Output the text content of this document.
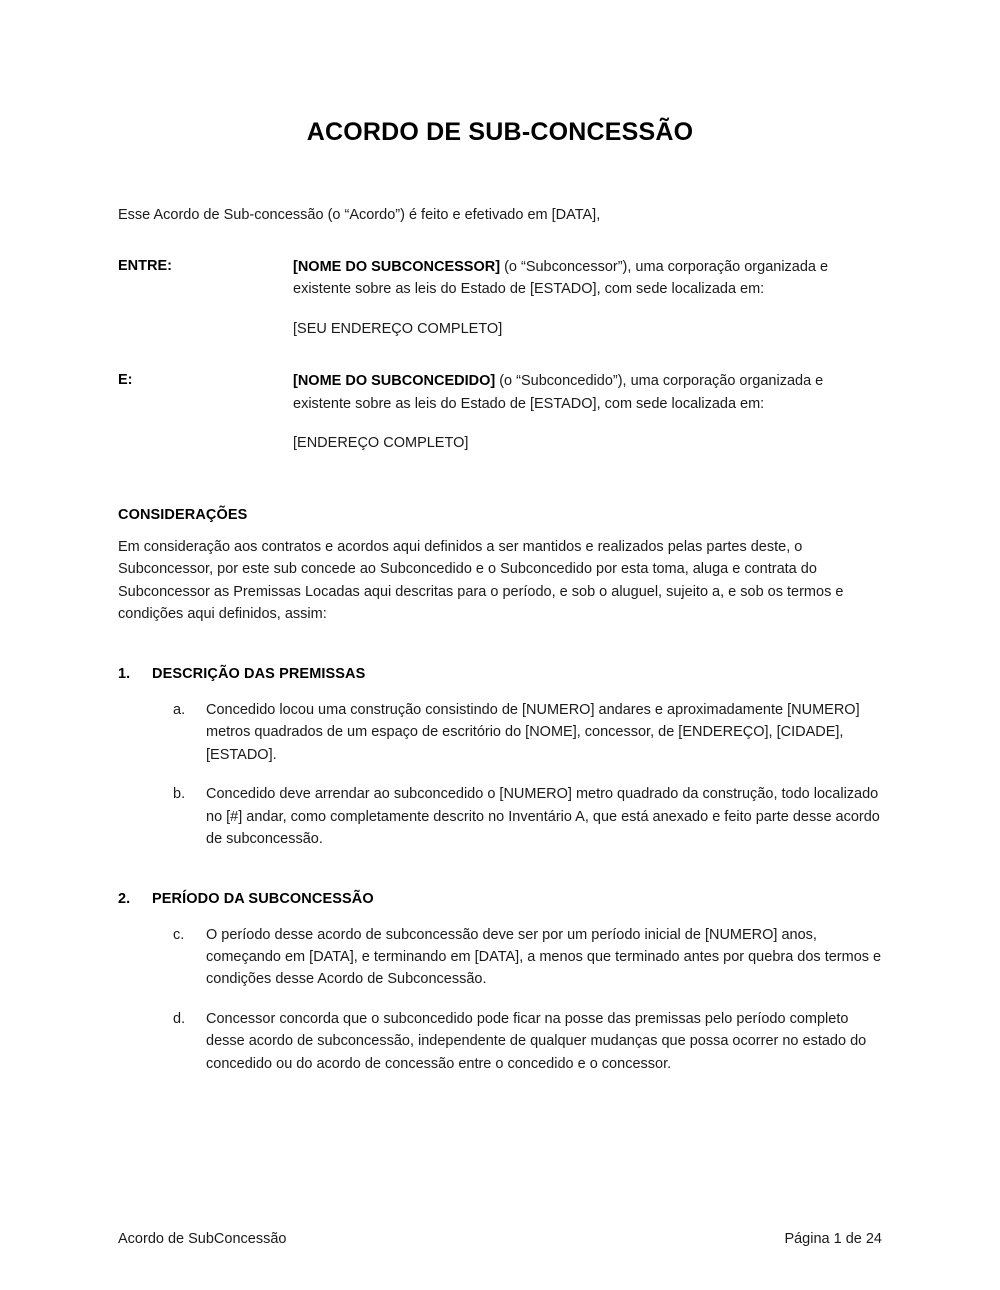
ACORDO DE SUB-CONCESSÃO

Esse Acordo de Sub-concessão (o “Acordo”) é feito e efetivado em [DATA],

ENTRE:	[NOME DO SUBCONCESSOR] (o “Subconcessor”), uma corporação organizada e existente sobre as leis do Estado de [ESTADO], com sede localizada em:
[SEU ENDEREÇO COMPLETO]
E:	[NOME DO SUBCONCEDIDO] (o “Subconcedido”), uma corporação organizada e existente sobre as leis do Estado de [ESTADO], com sede localizada em:
[ENDEREÇO COMPLETO]
CONSIDERAÇÕES

Em consideração aos contratos e acordos aqui definidos a ser mantidos e realizados pelas partes deste, o Subconcessor, por este sub concede ao Subconcedido e o Subconcedido por esta toma, aluga e contrata do Subconcessor as Premissas Locadas aqui descritas para o período, e sob o aluguel, sujeito a, e sob os termos e condições aqui definidos, assim:

1.	DESCRIÇÃO DAS PREMISSAS
a.	Concedido locou uma construção consistindo de [NUMERO] andares e aproximadamente [NUMERO] metros quadrados de um espaço de escritório do [NOME], concessor, de [ENDEREÇO], [CIDADE], [ESTADO].
b.	Concedido deve arrendar ao subconcedido o [NUMERO] metro quadrado da construção, todo localizado no [#] andar, como completamente descrito no Inventário A, que está anexado e feito parte desse acordo de subconcessão.
2.	PERÍODO DA SUBCONCESSÃO
c.	O período desse acordo de subconcessão deve ser por um período inicial de [NUMERO] anos, começando em [DATA], e terminando em [DATA], a menos que terminado antes por quebra dos termos e condições desse Acordo de Subconcessão.
d.	Concessor concorda que o subconcedido pode ficar na posse das premissas pelo período completo desse acordo de subconcessão, independente de qualquer mudanças que possa ocorrer no estado do concedido ou do acordo de concessão entre o concedido e o concessor.
Acordo de SubConcessão	Página 1 de 24
